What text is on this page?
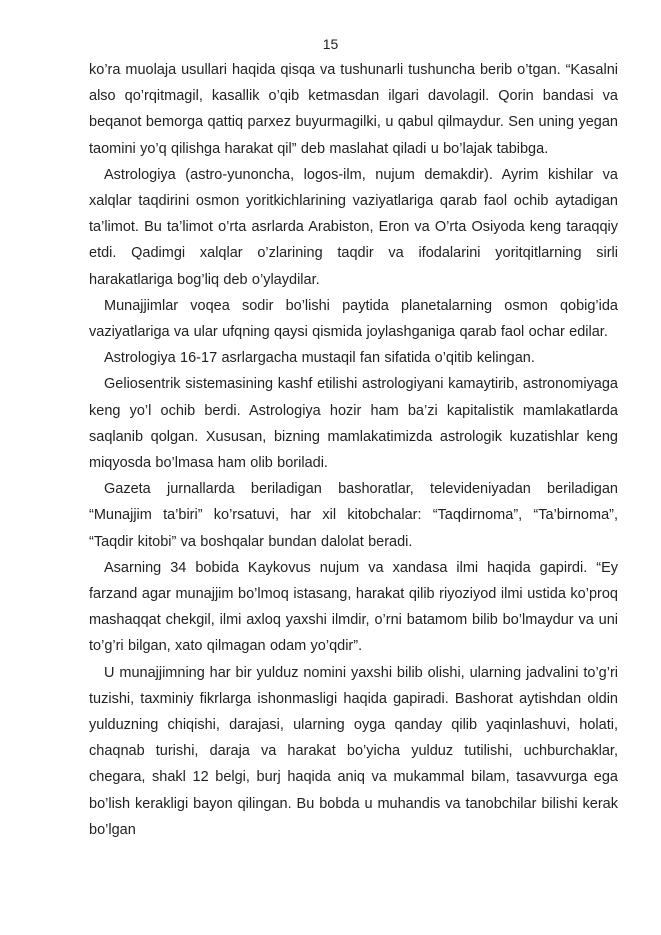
15

ko’ra muolaja usullari haqida qisqa va tushunarli tushuncha berib o’tgan. “Kasalni also qo’rqitmagil, kasallik o’qib ketmasdan ilgari davolagil. Qorin bandasi va beqanot bemorga qattiq parxez buyurmagilki, u qabul qilmaydur. Sen uning yegan taomini yo’q qilishga harakat qil” deb maslahat qiladi u bo’lajak tabibga.

Astrologiya (astro-yunoncha, logos-ilm, nujum demakdir). Ayrim kishilar va xalqlar taqdirini osmon yoritkichlarining vaziyatlariga qarab faol ochib aytadigan ta’limot. Bu ta’limot o’rta asrlarda Arabiston, Eron va O’rta Osiyoda keng taraqqiy etdi. Qadimgi xalqlar o’zlarining taqdir va ifodalarini yoritqitlarning sirli harakatlariga bog’liq deb o’ylaydilar.

Munajjimlar voqea sodir bo’lishi paytida planetalarning osmon qobig’ida vaziyatlariga va ular ufqning qaysi qismida joylashganiga qarab faol ochar edilar.

Astrologiya 16-17 asrlargacha mustaqil fan sifatida o’qitib kelingan.

Geliosentrik sistemasining kashf etilishi astrologiyani kamaytirib, astronomiyaga keng yo’l ochib berdi. Astrologiya hozir ham ba’zi kapitalistik mamlakatlarda saqlanib qolgan. Xususan, bizning mamlakatimizda astrologik kuzatishlar keng miqyosda bo’lmasa ham olib boriladi.

Gazeta jurnallarda beriladigan bashoratlar, televideniyadan beriladigan “Munajjim ta’biri” ko’rsatuvi, har xil kitobchalar: “Taqdirnoma”, “Ta’birnoma”, “Taqdir kitobi” va boshqalar bundan dalolat beradi.

Asarning 34 bobida Kaykovus nujum va xandasa ilmi haqida gapirdi. “Ey farzand agar munajjim bo’lmoq istasang, harakat qilib riyoziyod ilmi ustida ko’proq mashaqqat chekgil, ilmi axloq yaxshi ilmdir, o’rni batamom bilib bo’lmaydur va uni to’g’ri bilgan, xato qilmagan odam yo’qdir”.

U munajjimning har bir yulduz nomini yaxshi bilib olishi, ularning jadvalini to’g’ri tuzishi, taxminiy fikrlarga ishonmasligi haqida gapiradi. Bashorat aytishdan oldin yulduzning chiqishi, darajasi, ularning oyga qanday qilib yaqinlashuvi, holati, chaqnab turishi, daraja va harakat bo’yicha yulduz tutilishi, uchburchaklar, chegara, shakl 12 belgi, burj haqida aniq va mukammal bilam, tasavvurga ega bo’lish kerakligi bayon qilingan. Bu bobda u muhandis va tanobchilar bilishi kerak bo’lgan
